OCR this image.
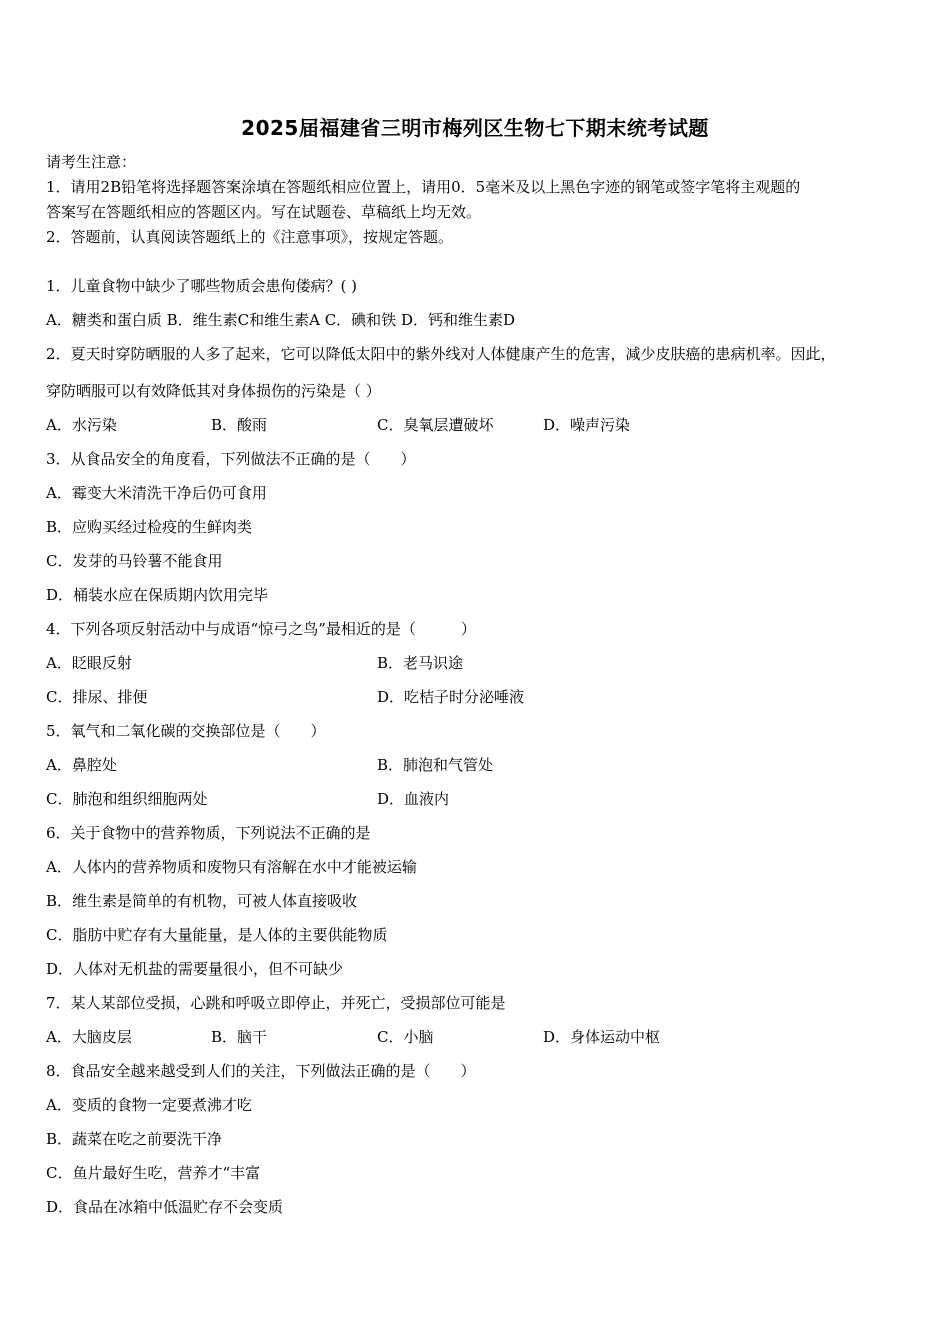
2025届福建省三明市梅列区生物七下期末统考试题
请考生注意：
1．请用2B铅笔将选择题答案涂填在答题纸相应位置上，请用0．5毫米及以上黑色字迹的钢笔或签字笔将主观题的
答案写在答题纸相应的答题区内。写在试题卷、草稿纸上均无效。
2．答题前，认真阅读答题纸上的《注意事项》，按规定答题。
1．儿童食物中缺少了哪些物质会患佝偻病？( )
A．糖类和蛋白质 B．维生素C和维生素A C．碘和铁 D．钙和维生素D
2．夏天时穿防晒服的人多了起来，它可以降低太阳中的紫外线对人体健康产生的危害，减少皮肤癌的患病机率。因此，
穿防晒服可以有效降低其对身体损伤的污染是（ ）
A．水污染	B．酸雨	C．臭氧层遭破坏	D．噪声污染
3．从食品安全的角度看，下列做法不正确的是（　　）
A．霉变大米清洗干净后仍可食用
B．应购买经过检疫的生鲜肉类
C．发芽的马铃薯不能食用
D．桶装水应在保质期内饮用完毕
4．下列各项反射活动中与成语“惊弓之鸟”最相近的是（　　　）
A．眨眼反射	B．老马识途
C．排尿、排便	D．吃桔子时分泌唾液
5．氧气和二氧化碳的交换部位是（　　）
A．鼻腔处	B．肺泡和气管处
C．肺泡和组织细胞两处	D．血液内
6．关于食物中的营养物质，下列说法不正确的是
A．人体内的营养物质和废物只有溶解在水中才能被运输
B．维生素是简单的有机物，可被人体直接吸收
C．脂肪中贮存有大量能量，是人体的主要供能物质
D．人体对无机盐的需要量很小，但不可缺少
7．某人某部位受损，心跳和呼吸立即停止，并死亡，受损部位可能是
A．大脑皮层	B．脑干	C．小脑	D．身体运动中枢
8．食品安全越来越受到人们的关注，下列做法正确的是（　　）
A．变质的食物一定要煮沸才吃
B．蔬菜在吃之前要洗干净
C．鱼片最好生吃，营养才“丰富
D．食品在冰箱中低温贮存不会变质
